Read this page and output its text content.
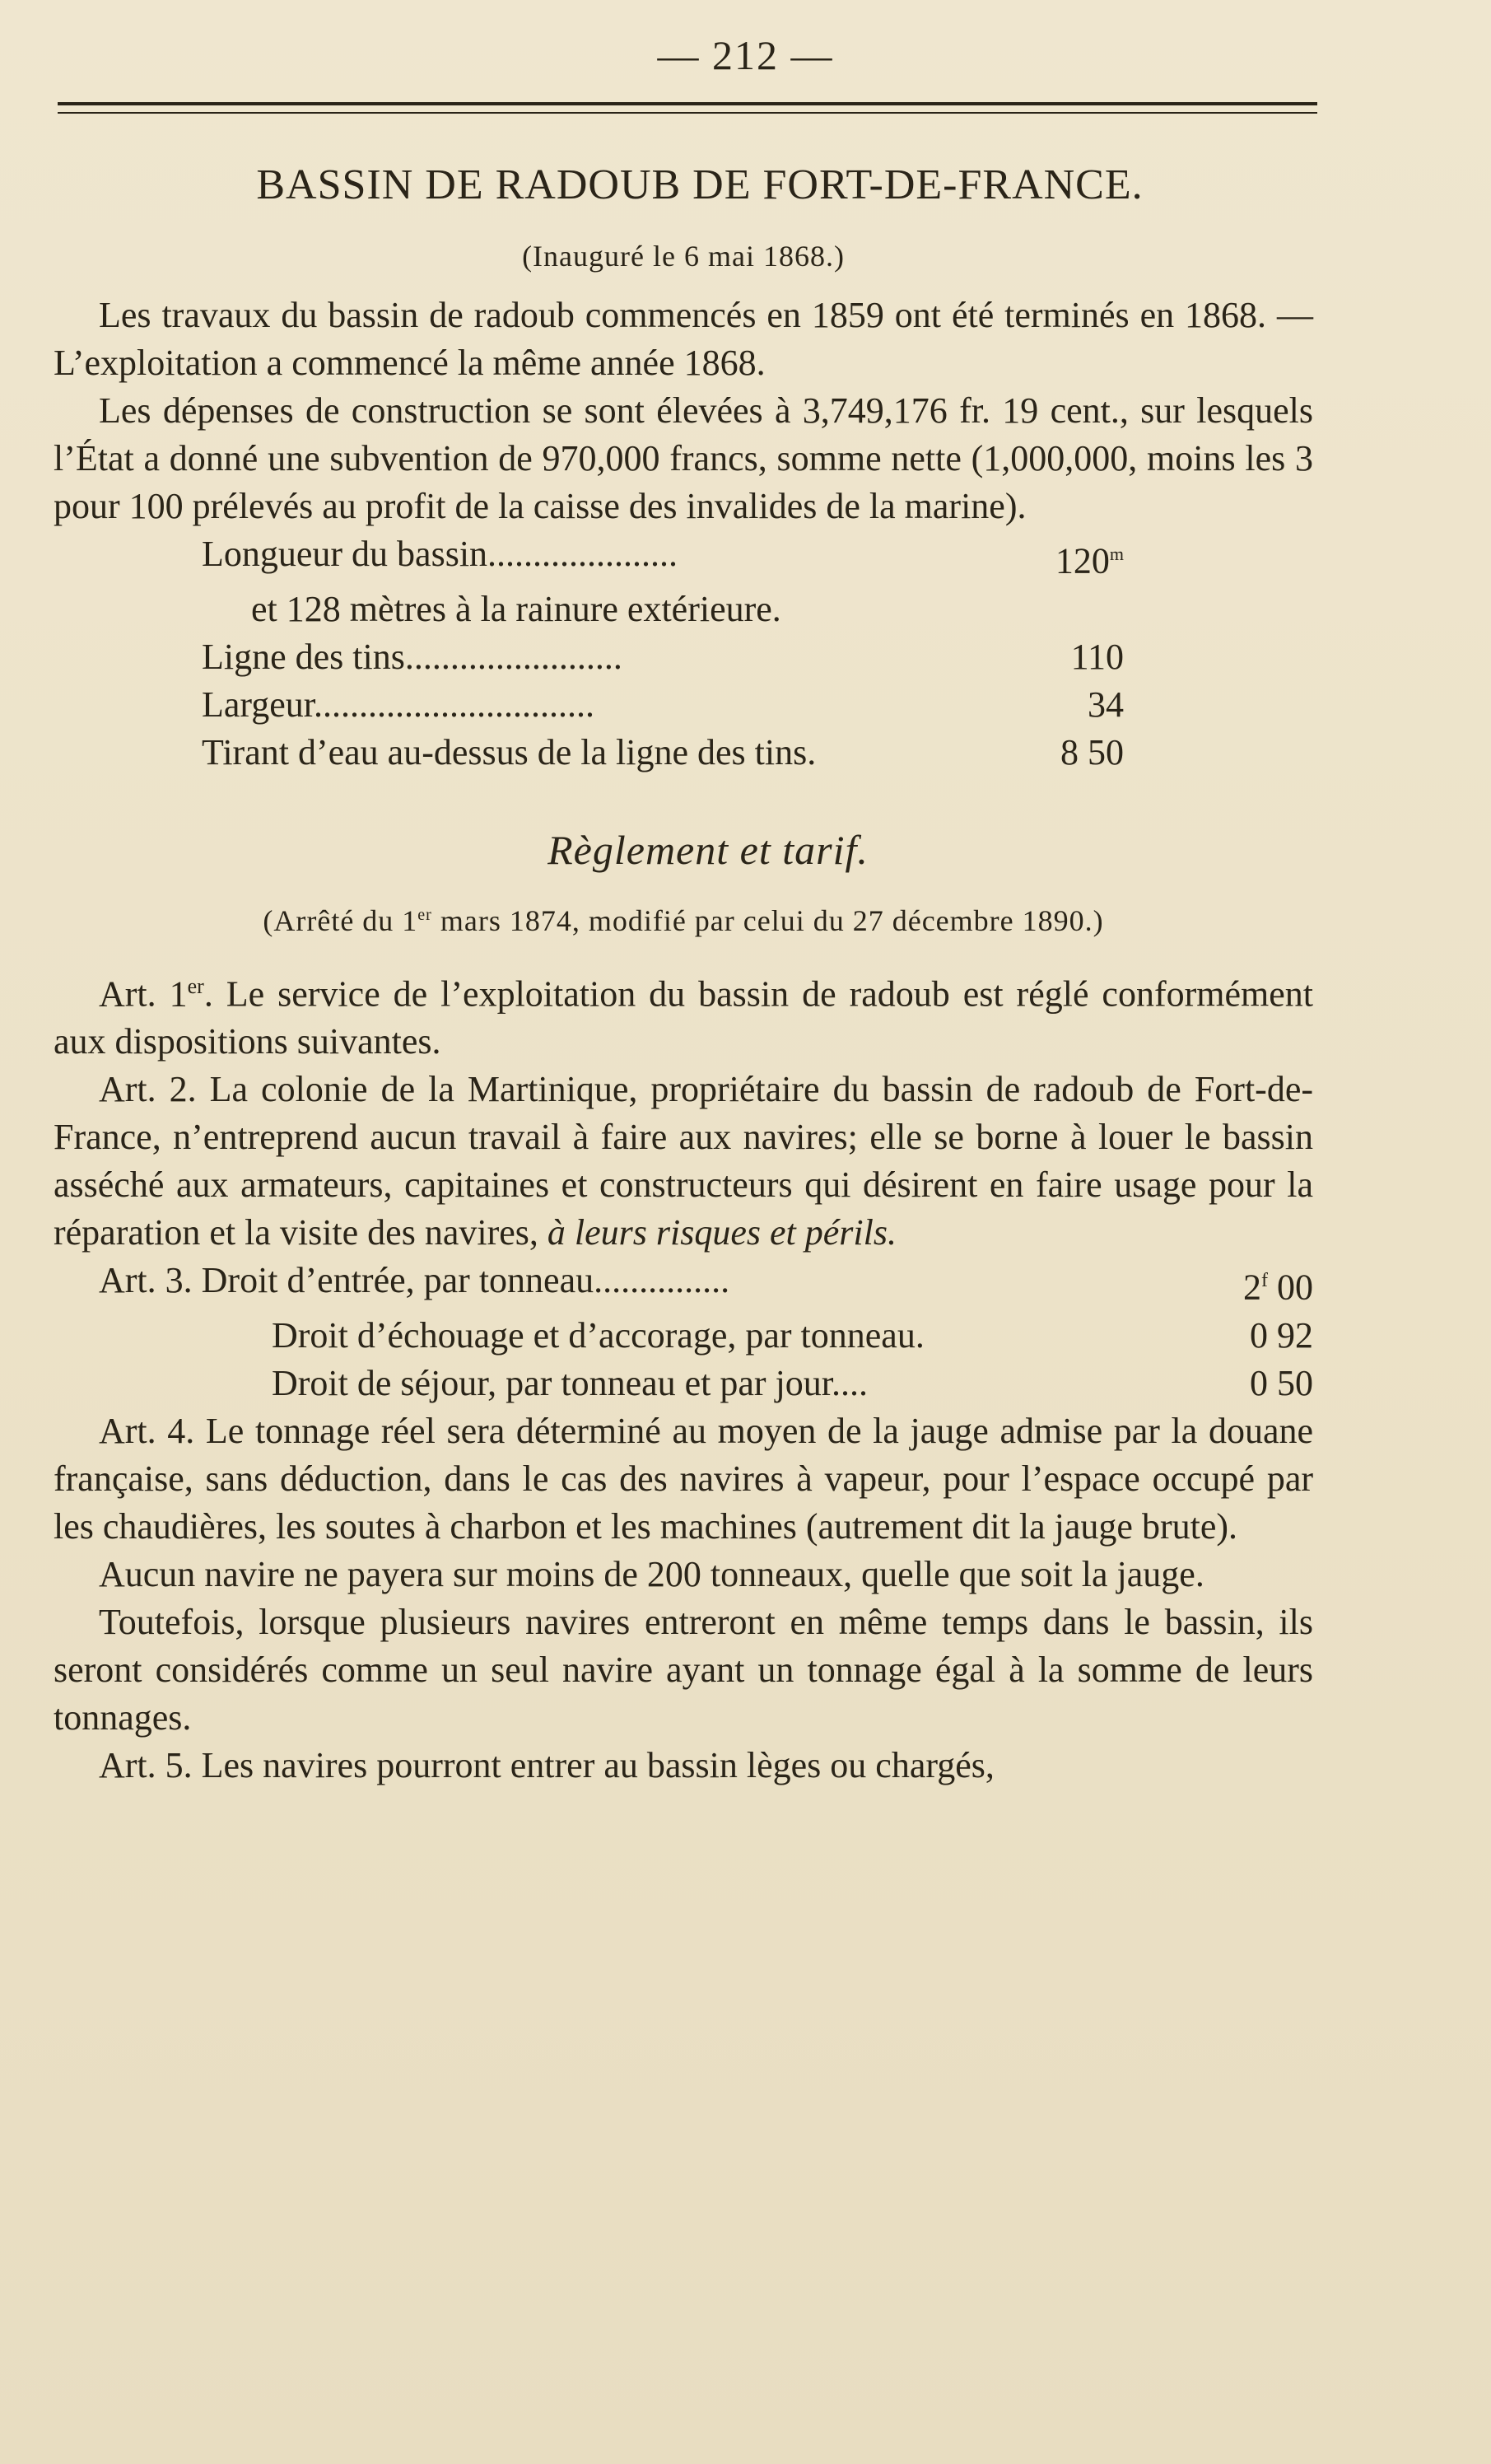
— 212 —
BASSIN DE RADOUB DE FORT-DE-FRANCE.
(Inauguré le 6 mai 1868.)

Les travaux du bassin de radoub commencés en 1859 ont été terminés en 1868. — L’exploitation a commencé la même année 1868.

Les dépenses de construction se sont élevées à 3,749,176 fr. 19 cent., sur lesquels l’État a donné une subvention de 970,000 francs, somme nette (1,000,000, moins les 3 pour 100 prélevés au profit de la caisse des invalides de la marine).

Longueur du bassin.....................	120$^m$
et 128 mètres à la rainure extérieure.
Ligne des tins........................	110
Largeur...............................	34
Tirant d’eau au-dessus de la ligne des tins.	8 50
Règlement et tarif.
(Arrêté du 1er mars 1874, modifié par celui du 27 décembre 1890.)

Art. 1er. Le service de l’exploitation du bassin de radoub est réglé conformément aux dispositions suivantes.

Art. 2. La colonie de la Martinique, propriétaire du bassin de radoub de Fort-de-France, n’entreprend aucun travail à faire aux navires; elle se borne à louer le bassin asséché aux armateurs, capitaines et constructeurs qui désirent en faire usage pour la réparation et la visite des navires, à leurs risques et périls.

Art. 3. Droit d’entrée, par tonneau...............	2$^f$ 00
Droit d’échouage et d’accorage, par tonneau.	0 92
Droit de séjour, par tonneau et par jour....	0 50

Art. 4. Le tonnage réel sera déterminé au moyen de la jauge admise par la douane française, sans déduction, dans le cas des navires à vapeur, pour l’espace occupé par les chaudières, les soutes à charbon et les machines (autrement dit la jauge brute).

Aucun navire ne payera sur moins de 200 tonneaux, quelle que soit la jauge.

Toutefois, lorsque plusieurs navires entreront en même temps dans le bassin, ils seront considérés comme un seul navire ayant un tonnage égal à la somme de leurs tonnages.

Art. 5. Les navires pourront entrer au bassin lèges ou chargés,
